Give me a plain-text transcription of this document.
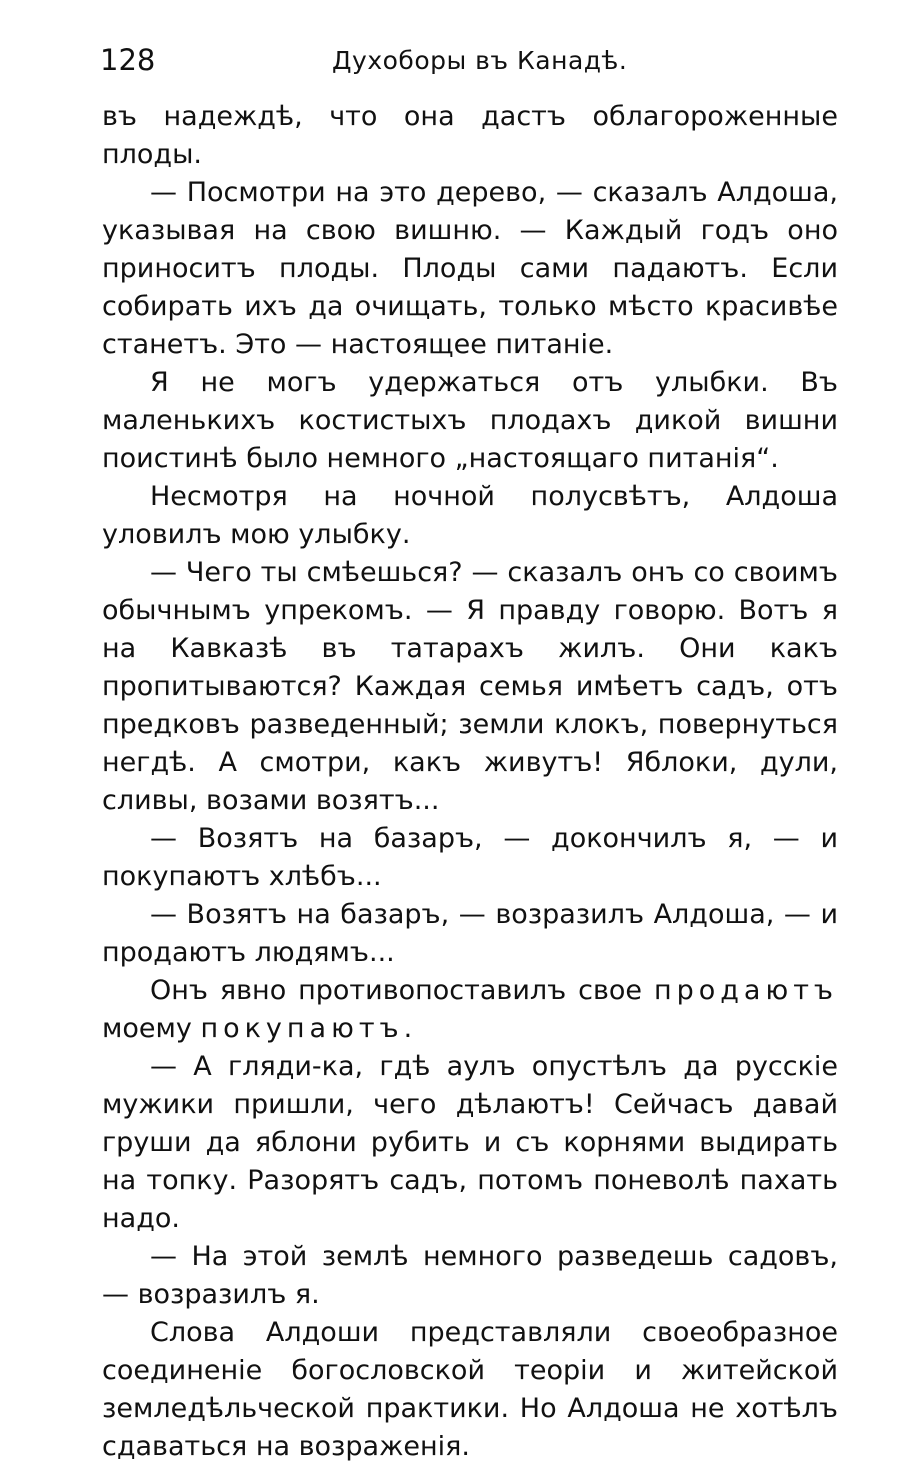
128	Духоборы въ Канадѣ.

въ надеждѣ, что она дастъ облагороженные плоды.

— Посмотри на это дерево, — сказалъ Алдоша, указывая на свою вишню. — Каждый годъ оно приноситъ плоды. Плоды сами падаютъ. Если собирать ихъ да очищать, только мѣсто красивѣе станетъ. Это — настоящее питаніе.

Я не могъ удержаться отъ улыбки. Въ маленькихъ костистыхъ плодахъ дикой вишни поистинѣ было немного „настоящаго питанія“.

Несмотря на ночной полусвѣтъ, Алдоша уловилъ мою улыбку.

— Чего ты смѣешься? — сказалъ онъ со своимъ обычнымъ упрекомъ. — Я правду говорю. Вотъ я на Кавказѣ въ татарахъ жилъ. Они какъ пропитываются? Каждая семья имѣетъ садъ, отъ предковъ разведенный; земли клокъ, повернуться негдѣ. А смотри, какъ живутъ! Яблоки, дули, сливы, возами возятъ...

— Возятъ на базаръ, — докончилъ я, — и покупаютъ хлѣбъ...

— Возятъ на базаръ, — возразилъ Алдоша, — и продаютъ людямъ...

Онъ явно противопоставилъ свое продаютъ моему покупаютъ.

— А гляди-ка, гдѣ аулъ опустѣлъ да русскіе мужики пришли, чего дѣлаютъ! Сейчасъ давай груши да яблони рубить и съ корнями выдирать на топку. Разорятъ садъ, потомъ поневолѣ пахать надо.

— На этой землѣ немного разведешь садовъ, — возразилъ я.

Слова Алдоши представляли своеобразное соединеніе богословской теоріи и житейской земледѣльческой практики. Но Алдоша не хотѣлъ сдаваться на возраженія.
